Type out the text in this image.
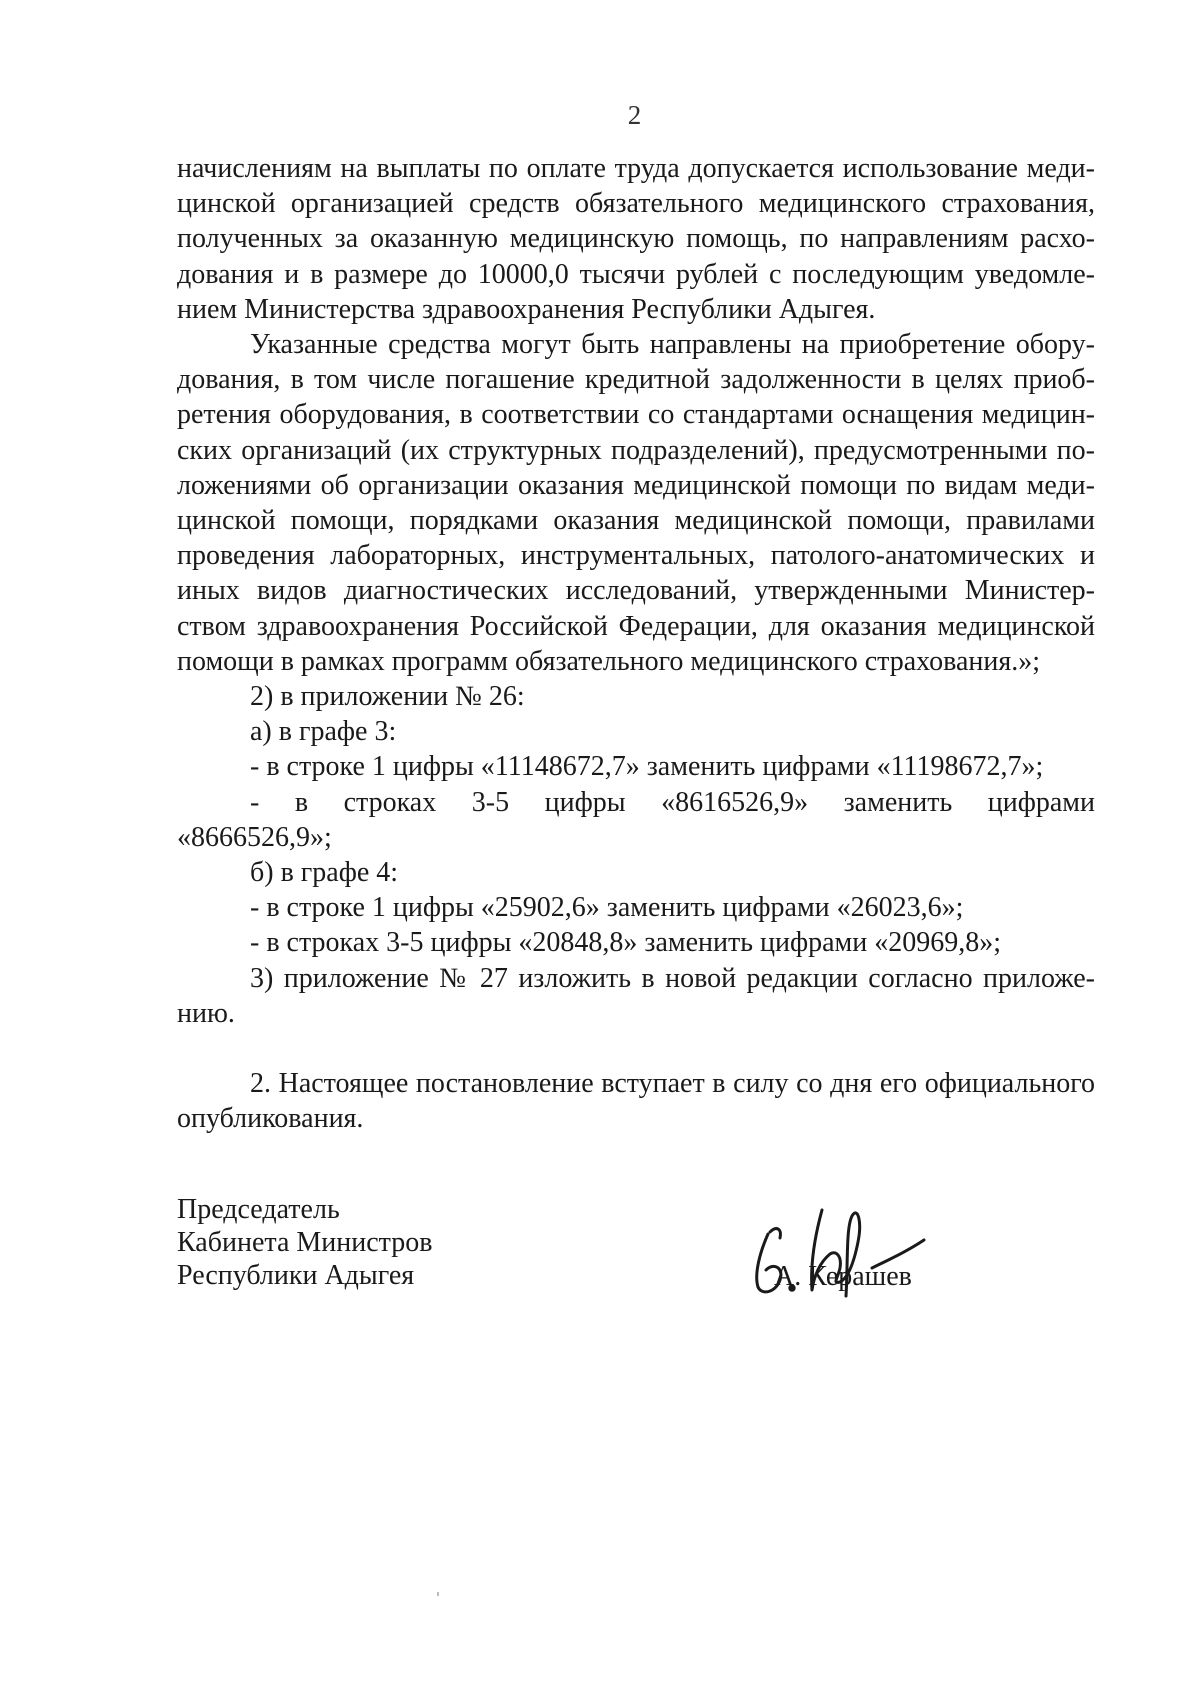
2

начислениям на выплаты по оплате труда допускается использование меди-

цинской организацией средств обязательного медицинского страхования,

полученных за оказанную медицинскую помощь, по направлениям расхо-

дования и в размере до 10000,0 тысячи рублей с последующим уведомле-

нием Министерства здравоохранения Республики Адыгея.

Указанные средства могут быть направлены на приобретение обору-

дования, в том числе погашение кредитной задолженности в целях приоб-

ретения оборудования, в соответствии со стандартами оснащения медицин-

ских организаций (их структурных подразделений), предусмотренными по-

ложениями об организации оказания медицинской помощи по видам меди-

цинской помощи, порядками оказания медицинской помощи, правилами

проведения лабораторных, инструментальных, патолого-анатомических и

иных видов диагностических исследований, утвержденными Министер-

ством здравоохранения Российской Федерации, для оказания медицинской

помощи в рамках программ обязательного медицинского страхования.»;

2) в приложении № 26:

а) в графе 3:

- в строке 1 цифры «11148672,7» заменить цифрами «11198672,7»;

- в строках 3-5 цифры «8616526,9» заменить цифрами

«8666526,9»;

б) в графе 4:

- в строке 1 цифры «25902,6» заменить цифрами «26023,6»;

- в строках 3-5 цифры «20848,8» заменить цифрами «20969,8»;

3) приложение № 27 изложить в новой редакции согласно приложе-

нию.

2. Настоящее постановление вступает в силу со дня его официального

опубликования.

Председатель
Кабинета Министров
Республики Адыгея	А. Керашев
